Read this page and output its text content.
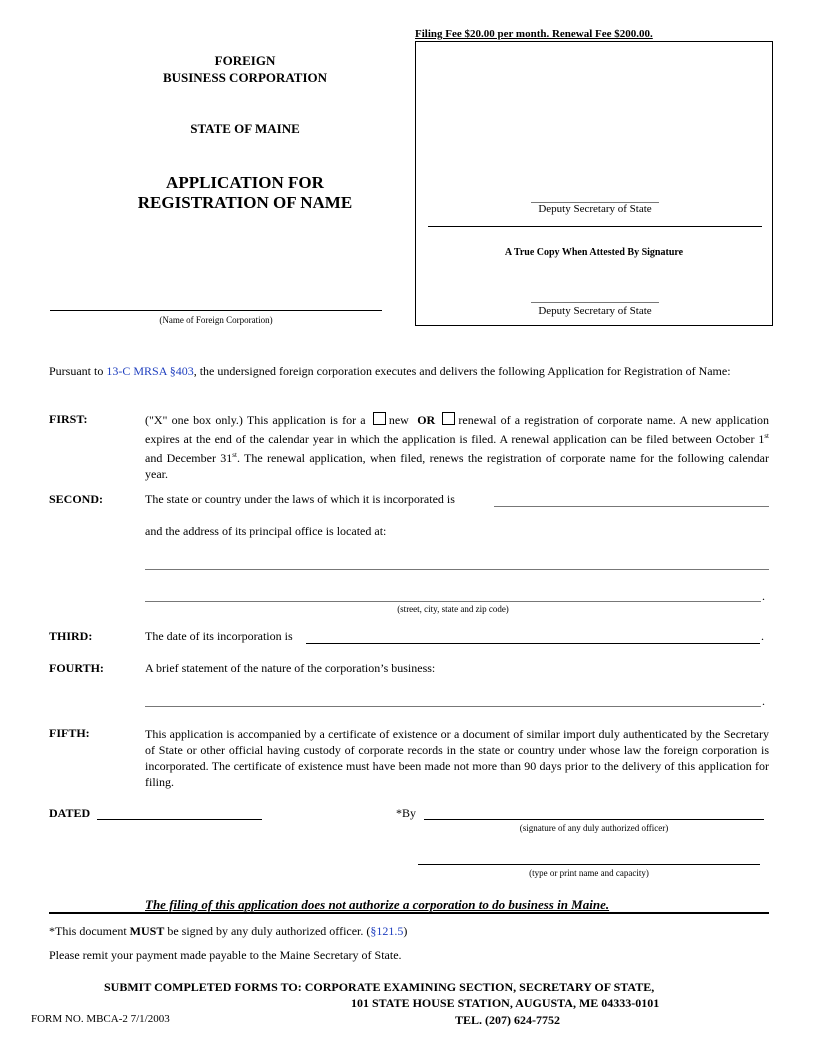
FOREIGN
BUSINESS CORPORATION
STATE OF MAINE
APPLICATION FOR
REGISTRATION OF NAME
(Name of Foreign Corporation)
Filing Fee $20.00 per month. Renewal Fee $200.00.
Deputy Secretary of State
A True Copy When Attested By Signature
Deputy Secretary of State
Pursuant to 13-C MRSA §403, the undersigned foreign corporation executes and delivers the following Application for Registration of Name:
FIRST:	("X" one box only.) This application is for a new OR renewal of a registration of corporate name. A new application expires at the end of the calendar year in which the application is filed. A renewal application can be filed between October 1st and December 31st. The renewal application, when filed, renews the registration of corporate name for the following calendar year.
SECOND:	The state or country under the laws of which it is incorporated is
and the address of its principal office is located at:
.
(street, city, state and zip code)
THIRD:	The date of its incorporation is	.
FOURTH:	A brief statement of the nature of the corporation’s business:
.
FIFTH:	This application is accompanied by a certificate of existence or a document of similar import duly authenticated by the Secretary of State or other official having custody of corporate records in the state or country under whose law the foreign corporation is incorporated. The certificate of existence must have been made not more than 90 days prior to the delivery of this application for filing.
DATED	*By
(signature of any duly authorized officer)
(type or print name and capacity)
The filing of this application does not authorize a corporation to do business in Maine.
*This document MUST be signed by any duly authorized officer. (§121.5)
Please remit your payment made payable to the Maine Secretary of State.
SUBMIT COMPLETED FORMS TO: CORPORATE EXAMINING SECTION, SECRETARY OF STATE,
101 STATE HOUSE STATION, AUGUSTA, ME 04333-0101
FORM NO. MBCA-2 7/1/2003	TEL. (207) 624-7752
